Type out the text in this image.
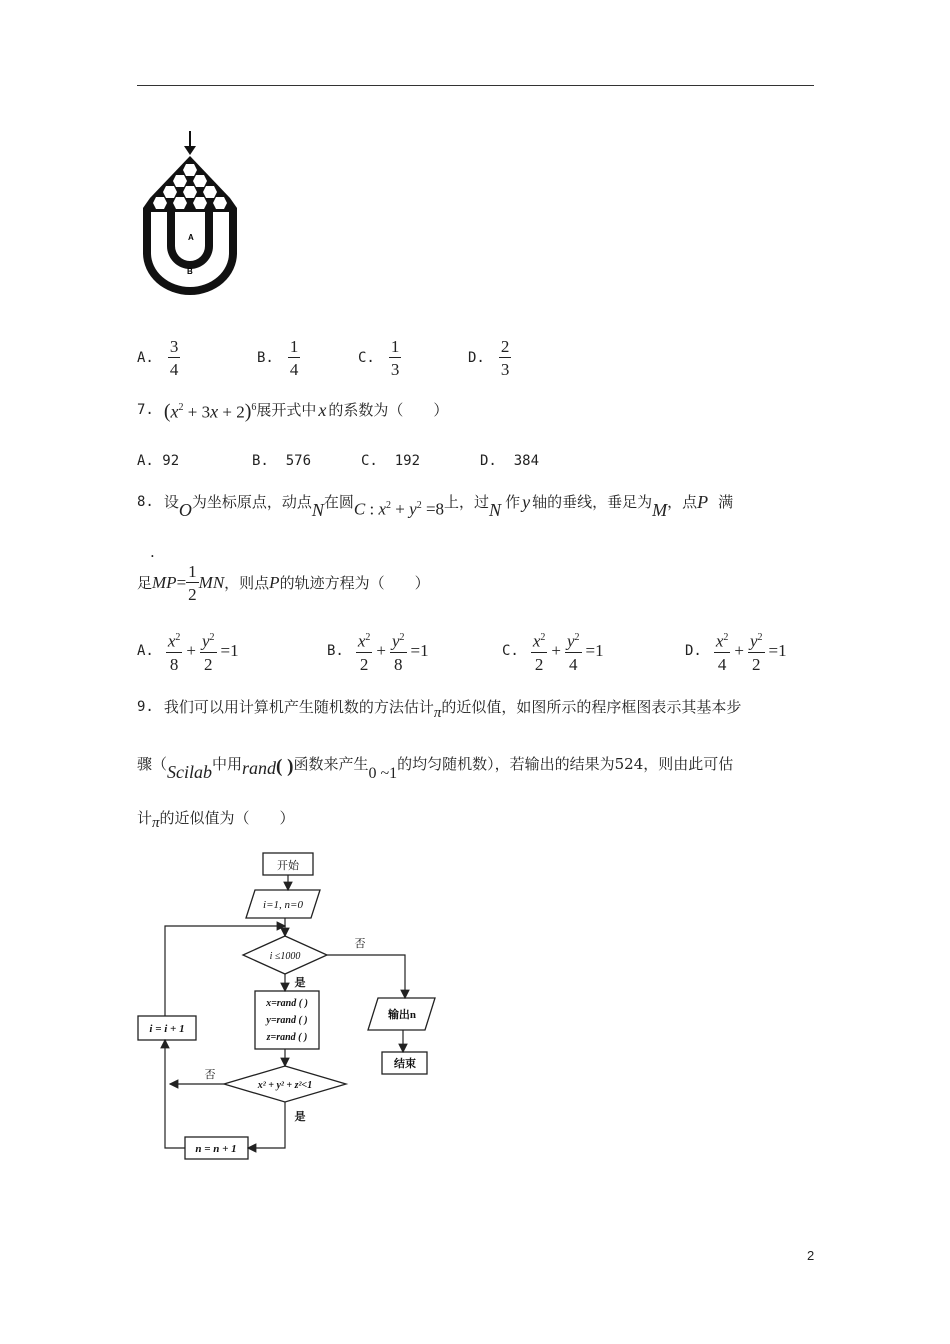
A
B
A. $\frac{3}{4}$	B. $\frac{1}{4}$	C. $\frac{1}{3}$	D. $\frac{2}{3}$
7. $(x^2 + 3x + 2)^6$ 展开式中 x 的系数为（　　）
A. 92	B. 576	C. 192	D. 384
8. 设 O 为坐标原点，动点 N 在圆 C : $x^2 + y^2 =8$ 上，过 N 作 y 轴的垂线，垂足为 M ，点 P 满
.
足 MP = $\frac{1}{2}$ MN ，则点 P 的轨迹方程为（　　）
A. $\frac{x^2}{8} + \frac{y^2}{2} =1$	B. $\frac{x^2}{2} + \frac{y^2}{8} =1$	C. $\frac{x^2}{2} + \frac{y^2}{4} =1$	D. $\frac{x^2}{4} + \frac{y^2}{2} =1$
9. 我们可以用计算机产生随机数的方法估计 π 的近似值，如图所示的程序框图表示其基本步
骤（ Scilab 中用 rand ( ) 函数来产生
0 ~1
的均匀随机数），若输出的结果为524，则由此可估
计 π 的近似值为（　　）
开始
i=1, n=0
i ≤1000
是
否
x=rand ( )
y=rand ( )
z=rand ( )
i = i + 1
输出n
结束
x² + y² + z²<1
否
是
n = n + 1
2
